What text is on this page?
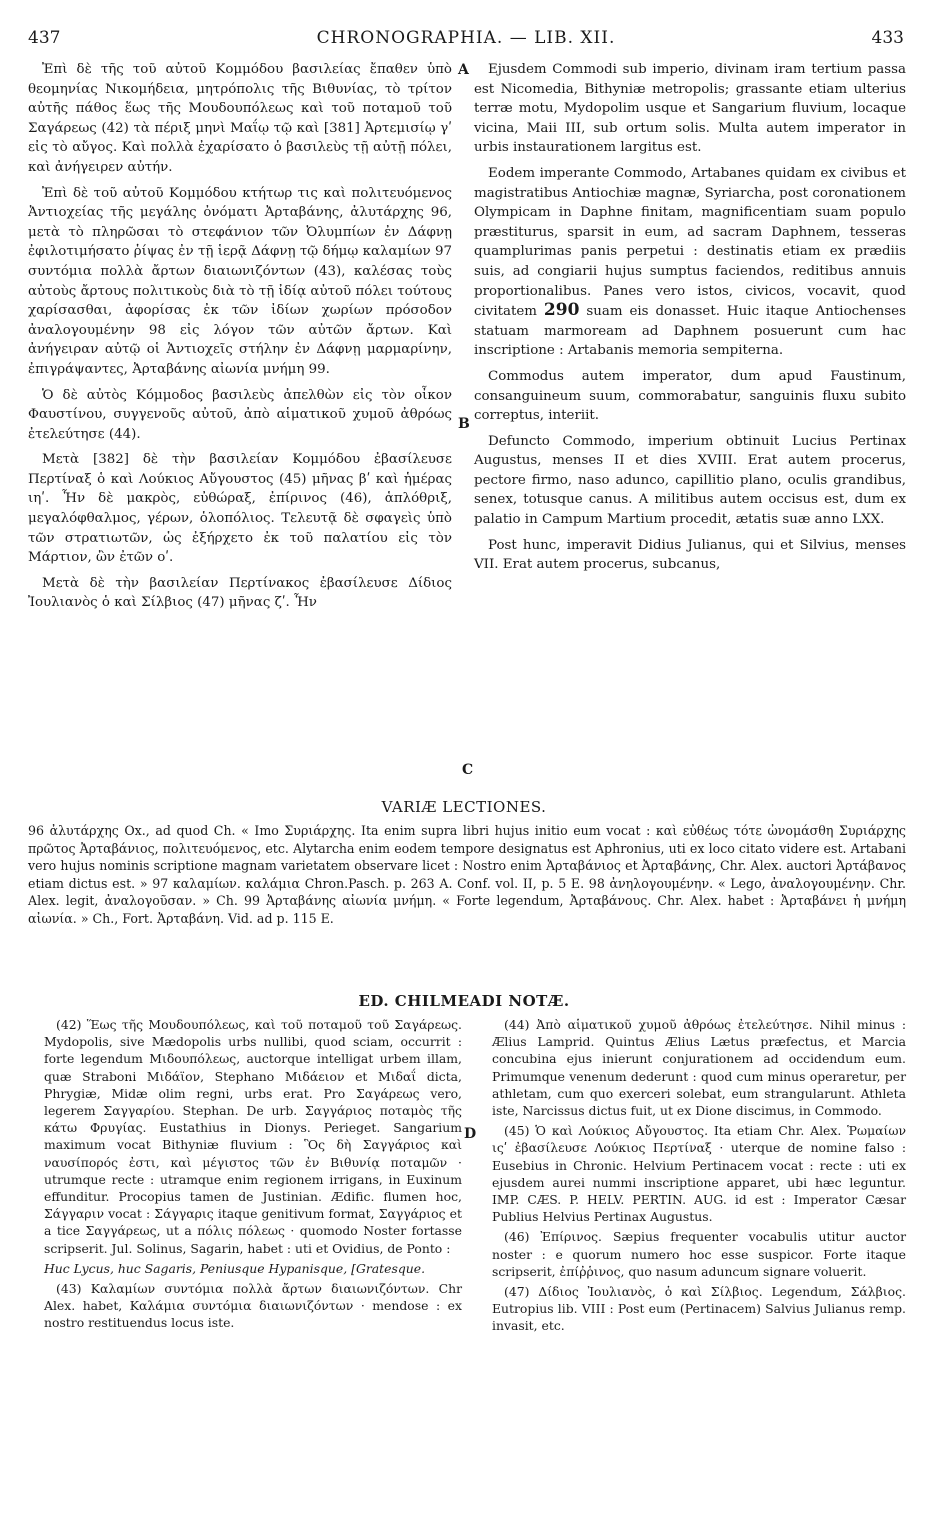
437	CHRONOGRAPHIA. — LIB. XII.	433
A
B
C
D

Ἐπὶ δὲ τῆς τοῦ αὐτοῦ Κομμόδου βασιλείας ἔπαθεν ὑπὸ θεομηνίας Νικομήδεια, μητρόπολις τῆς Βιθυνίας, τὸ τρίτον αὐτῆς πάθος ἕως τῆς Μουδουπόλεως καὶ τοῦ ποταμοῦ τοῦ Σαγάρεως (42) τὰ πέριξ μηνὶ Μαΐῳ τῷ καὶ [381] Ἀρτεμισίῳ γʹ εἰς τὸ αὔγος. Καὶ πολλὰ ἐχαρίσατο ὁ βασιλεὺς τῇ αὐτῇ πόλει, καὶ ἀνήγειρεν αὐτήν.

Ἐπὶ δὲ τοῦ αὐτοῦ Κομμόδου κτήτωρ τις καὶ πολιτευόμενος Ἀντιοχείας τῆς μεγάλης ὀνόματι Ἀρταβάνης, ἀλυτάρχης 96, μετὰ τὸ πληρῶσαι τὸ στεφάνιον τῶν Ὀλυμπίων ἐν Δάφνῃ ἐφιλοτιμήσατο ῥίψας ἐν τῇ ἱερᾷ Δάφνῃ τῷ δήμῳ καλαμίων 97 συντόμια πολλὰ ἄρτων διαιωνιζόντων (43), καλέσας τοὺς αὐτοὺς ἄρτους πολιτικοὺς διὰ τὸ τῇ ἰδίᾳ αὐτοῦ πόλει τούτους χαρίσασθαι, ἀφορίσας ἐκ τῶν ἰδίων χωρίων πρόσοδον ἀναλογουμένην 98 εἰς λόγον τῶν αὐτῶν ἄρτων. Καὶ ἀνήγειραν αὐτῷ οἱ Ἀντιοχεῖς στήλην ἐν Δάφνῃ μαρμαρίνην, ἐπιγράψαντες, Ἀρταβάνης αἰωνία μνήμη 99.

Ὁ δὲ αὐτὸς Κόμμοδος βασιλεὺς ἀπελθὼν εἰς τὸν οἶκον Φαυστίνου, συγγενοῦς αὐτοῦ, ἀπὸ αἱματικοῦ χυμοῦ ἀθρόως ἐτελεύτησε (44).

Μετὰ [382] δὲ τὴν βασιλείαν Κομμόδου ἐβασίλευσε Περτίναξ ὁ καὶ Λούκιος Αὔγουστος (45) μῆνας βʹ καὶ ἡμέρας ιηʹ. Ἦν δὲ μακρὸς, εὐθώραξ, ἐπίρινος (46), ἁπλόθριξ, μεγαλόφθαλμος, γέρων, ὁλοπόλιος. Τελευτᾷ δὲ σφαγεὶς ὑπὸ τῶν στρατιωτῶν, ὡς ἐξήρχετο ἐκ τοῦ παλατίου εἰς τὸν Μάρτιον, ὢν ἐτῶν οʹ.

Μετὰ δὲ τὴν βασιλείαν Περτίνακος ἐβασίλευσε Δίδιος Ἰουλιανὸς ὁ καὶ Σίλβιος (47) μῆνας ζʹ. Ἦν

Ejusdem Commodi sub imperio, divinam iram tertium passa est Nicomedia, Bithyniæ metropolis; grassante etiam ulterius terræ motu, Mydopolim usque et Sangarium fluvium, locaque vicina, Maii III, sub ortum solis. Multa autem imperator in urbis instaurationem largitus est.

Eodem imperante Commodo, Artabanes quidam ex civibus et magistratibus Antiochiæ magnæ, Syriarcha, post coronationem Olympicam in Daphne finitam, magnificentiam suam populo præstiturus, sparsit in eum, ad sacram Daphnem, tesseras quamplurimas panis perpetui : destinatis etiam ex prædiis suis, ad congiarii hujus sumptus faciendos, reditibus annuis proportionalibus. Panes vero istos, civicos, vocavit, quod civitatem 290 suam eis donasset. Huic itaque Antiochenses statuam marmoream ad Daphnem posuerunt cum hac inscriptione : Artabanis memoria sempiterna.

Commodus autem imperator, dum apud Faustinum, consanguineum suum, commorabatur, sanguinis fluxu subito correptus, interiit.

Defuncto Commodo, imperium obtinuit Lucius Pertinax Augustus, menses II et dies XVIII. Erat autem procerus, pectore firmo, naso adunco, capillitio plano, oculis grandibus, senex, totusque canus. A militibus autem occisus est, dum ex palatio in Campum Martium procedit, ætatis suæ anno LXX.

Post hunc, imperavit Didius Julianus, qui et Silvius, menses VII. Erat autem procerus, subcanus,

VARIÆ LECTIONES.
96 ἀλυτάρχης Ox., ad quod Ch. « Imo Συριάρχης. Ita enim supra libri hujus initio eum vocat : καὶ εὐθέως τότε ὠνομάσθη Συριάρχης πρῶτος Ἀρταβάνιος, πολιτευόμενος, etc. Alytarcha enim eodem tempore designatus est Aphronius, uti ex loco citato videre est. Artabani vero hujus nominis scriptione magnam varietatem observare licet : Nostro enim Ἀρταβάνιος et Ἀρταβάνης, Chr. Alex. auctori Ἀρτάβανος etiam dictus est. » 97 καλαμίων. καλάμια Chron.Pasch. p. 263 A. Conf. vol. II, p. 5 E. 98 ἀνηλογουμένην. « Lego, ἀναλογουμένην. Chr. Alex. legit, ἀναλογοῦσαν. » Ch. 99 Ἀρταβάνης αἰωνία μνήμη. « Forte legendum, Ἀρταβάνους. Chr. Alex. habet : Ἀρταβάνει ἡ μνήμη αἰωνία. » Ch., Fort. Ἀρταβάνη. Vid. ad p. 115 E.
ED. CHILMEADI NOTÆ.

(42) Ἕως τῆς Μουδουπόλεως, καὶ τοῦ ποταμοῦ τοῦ Σαγάρεως. Mydopolis, sive Mædopolis urbs nullibi, quod sciam, occurrit : forte legendum Μιδουπόλεως, auctorque intelligat urbem illam, quæ Straboni Μιδάϊον, Stephano Μιδάειον et Μιδαΐ dicta, Phrygiæ, Midæ olim regni, urbs erat. Pro Σαγάρεως vero, legerem Σαγγαρίου. Stephan. De urb. Σαγγάριος ποταμὸς τῆς κάτω Φρυγίας. Eustathius in Dionys. Perieget. Sangarium maximum vocat Bithyniæ fluvium : Ὃς δὴ Σαγγάριος καὶ ναυσίπορός ἐστι, καὶ μέγιστος τῶν ἐν Βιθυνίᾳ ποταμῶν · utrumque recte : utramque enim regionem irrigans, in Euxinum effunditur. Procopius tamen de Justinian. Ædific. flumen hoc, Σάγγαριν vocat : Σάγγαρις itaque genitivum format, Σαγγάριος et a tice Σαγγάρεως, ut a πόλις πόλεως · quomodo Noster fortasse scripserit. Jul. Solinus, Sagarin, habet : uti et Ovidius, de Ponto :

Huc Lycus, huc Sagaris, Peniusque Hypanisque, [Gratesque.

(43) Καλαμίων συντόμια πολλὰ ἄρτων διαιωνιζόντων. Chr Alex. habet, Καλάμια συντόμια διαιωνιζόντων · mendose : ex nostro restituendus locus iste.

(44) Ἀπὸ αἱματικοῦ χυμοῦ ἀθρόως ἐτελεύτησε. Nihil minus : Ælius Lamprid. Quintus Ælius Lætus præfectus, et Marcia concubina ejus inierunt conjurationem ad occidendum eum. Primumque venenum dederunt : quod cum minus operaretur, per athletam, cum quo exerceri solebat, eum strangularunt. Athleta iste, Narcissus dictus fuit, ut ex Dione discimus, in Commodo.

(45) Ὁ καὶ Λούκιος Αὔγουστος. Ita etiam Chr. Alex. Ῥωμαίων ιςʹ ἐβασίλευσε Λούκιος Περτίναξ · uterque de nomine falso : Eusebius in Chronic. Helvium Pertinacem vocat : recte : uti ex ejusdem aurei nummi inscriptione apparet, ubi hæc leguntur. IMP. CÆS. P. HELV. PERTIN. AUG. id est : Imperator Cæsar Publius Helvius Pertinax Augustus.

(46) Ἐπίρινος. Sæpius frequenter vocabulis utitur auctor noster : e quorum numero hoc esse suspicor. Forte itaque scripserit, ἐπίῤῥινος, quo nasum aduncum signare voluerit.

(47) Δίδιος Ἰουλιανὸς, ὁ καὶ Σίλβιος. Legendum, Σάλβιος. Eutropius lib. VIII : Post eum (Pertinacem) Salvius Julianus remp. invasit, etc.
